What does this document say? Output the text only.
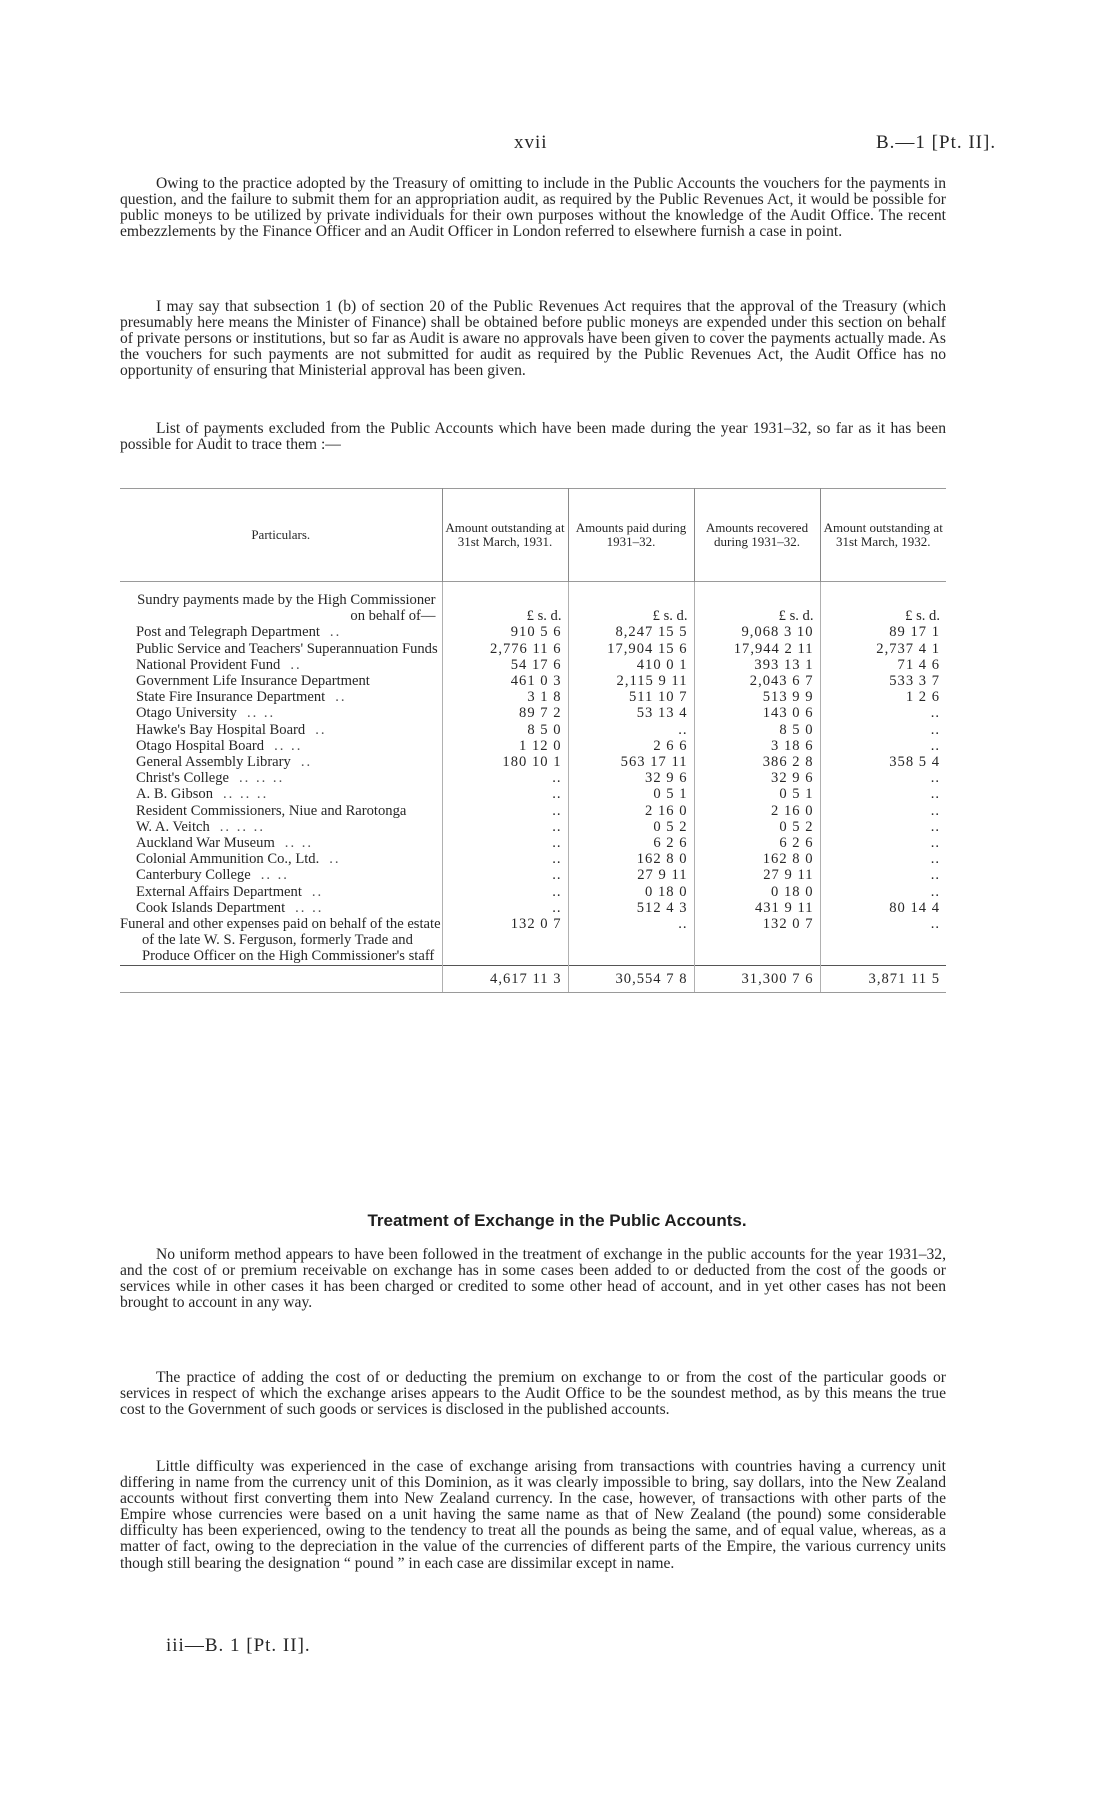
xvii	B.—1 [Pt. II].

Owing to the practice adopted by the Treasury of omitting to include in the Public Accounts the vouchers for the payments in question, and the failure to submit them for an appropriation audit, as required by the Public Revenues Act, it would be possible for public moneys to be utilized by private individuals for their own purposes without the knowledge of the Audit Office. The recent embezzlements by the Finance Officer and an Audit Officer in London referred to elsewhere furnish a case in point.

I may say that subsection 1 (b) of section 20 of the Public Revenues Act requires that the approval of the Treasury (which presumably here means the Minister of Finance) shall be obtained before public moneys are expended under this section on behalf of private persons or institutions, but so far as Audit is aware no approvals have been given to cover the payments actually made. As the vouchers for such payments are not submitted for audit as required by the Public Revenues Act, the Audit Office has no opportunity of ensuring that Ministerial approval has been given.

List of payments excluded from the Public Accounts which have been made during the year 1931–32, so far as it has been possible for Audit to trace them :—

Particulars.	Amount outstanding at 31st March, 1931.	Amounts paid during 1931–32.	Amounts recovered during 1931–32.	Amount outstanding at 31st March, 1932.

Sundry payments made by the High Commissioner on behalf of—	£ s. d.	£ s. d.	£ s. d.	£ s. d.
Post and Telegraph Department ..	910 5 6	8,247 15 5	9,068 3 10	89 17 1
Public Service and Teachers' Superannuation Funds	2,776 11 6	17,904 15 6	17,944 2 11	2,737 4 1
National Provident Fund ..	54 17 6	410 0 1	393 13 1	71 4 6
Government Life Insurance Department	461 0 3	2,115 9 11	2,043 6 7	533 3 7
State Fire Insurance Department ..	3 1 8	511 10 7	513 9 9	1 2 6
Otago University .. ..	89 7 2	53 13 4	143 0 6	..
Hawke's Bay Hospital Board ..	8 5 0	..	8 5 0	..
Otago Hospital Board .. ..	1 12 0	2 6 6	3 18 6	..
General Assembly Library ..	180 10 1	563 17 11	386 2 8	358 5 4
Christ's College .. .. ..	..	32 9 6	32 9 6	..
A. B. Gibson .. .. ..	..	0 5 1	0 5 1	..
Resident Commissioners, Niue and Rarotonga	..	2 16 0	2 16 0	..
W. A. Veitch .. .. ..	..	0 5 2	0 5 2	..
Auckland War Museum .. ..	..	6 2 6	6 2 6	..
Colonial Ammunition Co., Ltd. ..	..	162 8 0	162 8 0	..
Canterbury College .. ..	..	27 9 11	27 9 11	..
External Affairs Department ..	..	0 18 0	0 18 0	..
Cook Islands Department .. ..	..	512 4 3	431 9 11	80 14 4
Funeral and other expenses paid on behalf of the estate of the late W. S. Ferguson, formerly Trade and Produce Officer on the High Commissioner's staff	132 0 7	..	132 0 7	..
	4,617 11 3	30,554 7 8	31,300 7 6	3,871 11 5
Treatment of Exchange in the Public Accounts.

No uniform method appears to have been followed in the treatment of exchange in the public accounts for the year 1931–32, and the cost of or premium receivable on exchange has in some cases been added to or deducted from the cost of the goods or services while in other cases it has been charged or credited to some other head of account, and in yet other cases has not been brought to account in any way.

The practice of adding the cost of or deducting the premium on exchange to or from the cost of the particular goods or services in respect of which the exchange arises appears to the Audit Office to be the soundest method, as by this means the true cost to the Government of such goods or services is disclosed in the published accounts.

Little difficulty was experienced in the case of exchange arising from transactions with countries having a currency unit differing in name from the currency unit of this Dominion, as it was clearly impossible to bring, say dollars, into the New Zealand accounts without first converting them into New Zealand currency. In the case, however, of transactions with other parts of the Empire whose currencies were based on a unit having the same name as that of New Zealand (the pound) some considerable difficulty has been experienced, owing to the tendency to treat all the pounds as being the same, and of equal value, whereas, as a matter of fact, owing to the depreciation in the value of the currencies of different parts of the Empire, the various currency units though still bearing the designation “ pound ” in each case are dissimilar except in name.

iii—B. 1 [Pt. II].
